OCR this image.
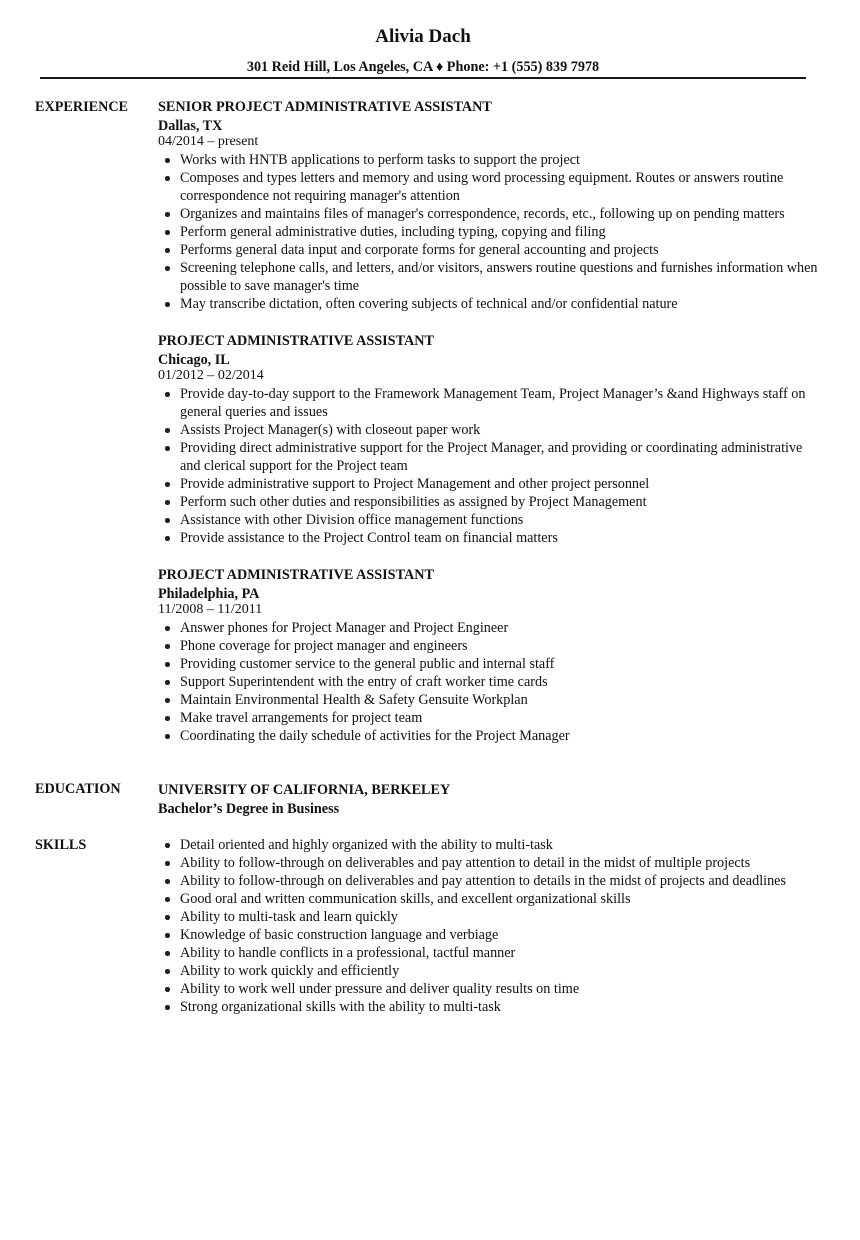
Alivia Dach
301 Reid Hill, Los Angeles, CA ♦ Phone: +1 (555) 839 7978
EXPERIENCE SENIOR PROJECT ADMINISTRATIVE ASSISTANT
Dallas, TX
04/2014 – present
Works with HNTB applications to perform tasks to support the project
Composes and types letters and memory and using word processing equipment. Routes or answers routine correspondence not requiring manager's attention
Organizes and maintains files of manager's correspondence, records, etc., following up on pending matters
Perform general administrative duties, including typing, copying and filing
Performs general data input and corporate forms for general accounting and projects
Screening telephone calls, and letters, and/or visitors, answers routine questions and furnishes information when possible to save manager's time
May transcribe dictation, often covering subjects of technical and/or confidential nature
PROJECT ADMINISTRATIVE ASSISTANT
Chicago, IL
01/2012 – 02/2014
Provide day-to-day support to the Framework Management Team, Project Manager’s &and Highways staff on general queries and issues
Assists Project Manager(s) with closeout paper work
Providing direct administrative support for the Project Manager, and providing or coordinating administrative and clerical support for the Project team
Provide administrative support to Project Management and other project personnel
Perform such other duties and responsibilities as assigned by Project Management
Assistance with other Division office management functions
Provide assistance to the Project Control team on financial matters
PROJECT ADMINISTRATIVE ASSISTANT
Philadelphia, PA
11/2008 – 11/2011
Answer phones for Project Manager and Project Engineer
Phone coverage for project manager and engineers
Providing customer service to the general public and internal staff
Support Superintendent with the entry of craft worker time cards
Maintain Environmental Health & Safety Gensuite Workplan
Make travel arrangements for project team
Coordinating the daily schedule of activities for the Project Manager
EDUCATION	UNIVERSITY OF CALIFORNIA, BERKELEY
Bachelor’s Degree in Business
SKILLS	Detail oriented and highly organized with the ability to multi-task
Ability to follow-through on deliverables and pay attention to detail in the midst of multiple projects
Ability to follow-through on deliverables and pay attention to details in the midst of projects and deadlines
Good oral and written communication skills, and excellent organizational skills
Ability to multi-task and learn quickly
Knowledge of basic construction language and verbiage
Ability to handle conflicts in a professional, tactful manner
Ability to work quickly and efficiently
Ability to work well under pressure and deliver quality results on time
Strong organizational skills with the ability to multi-task
